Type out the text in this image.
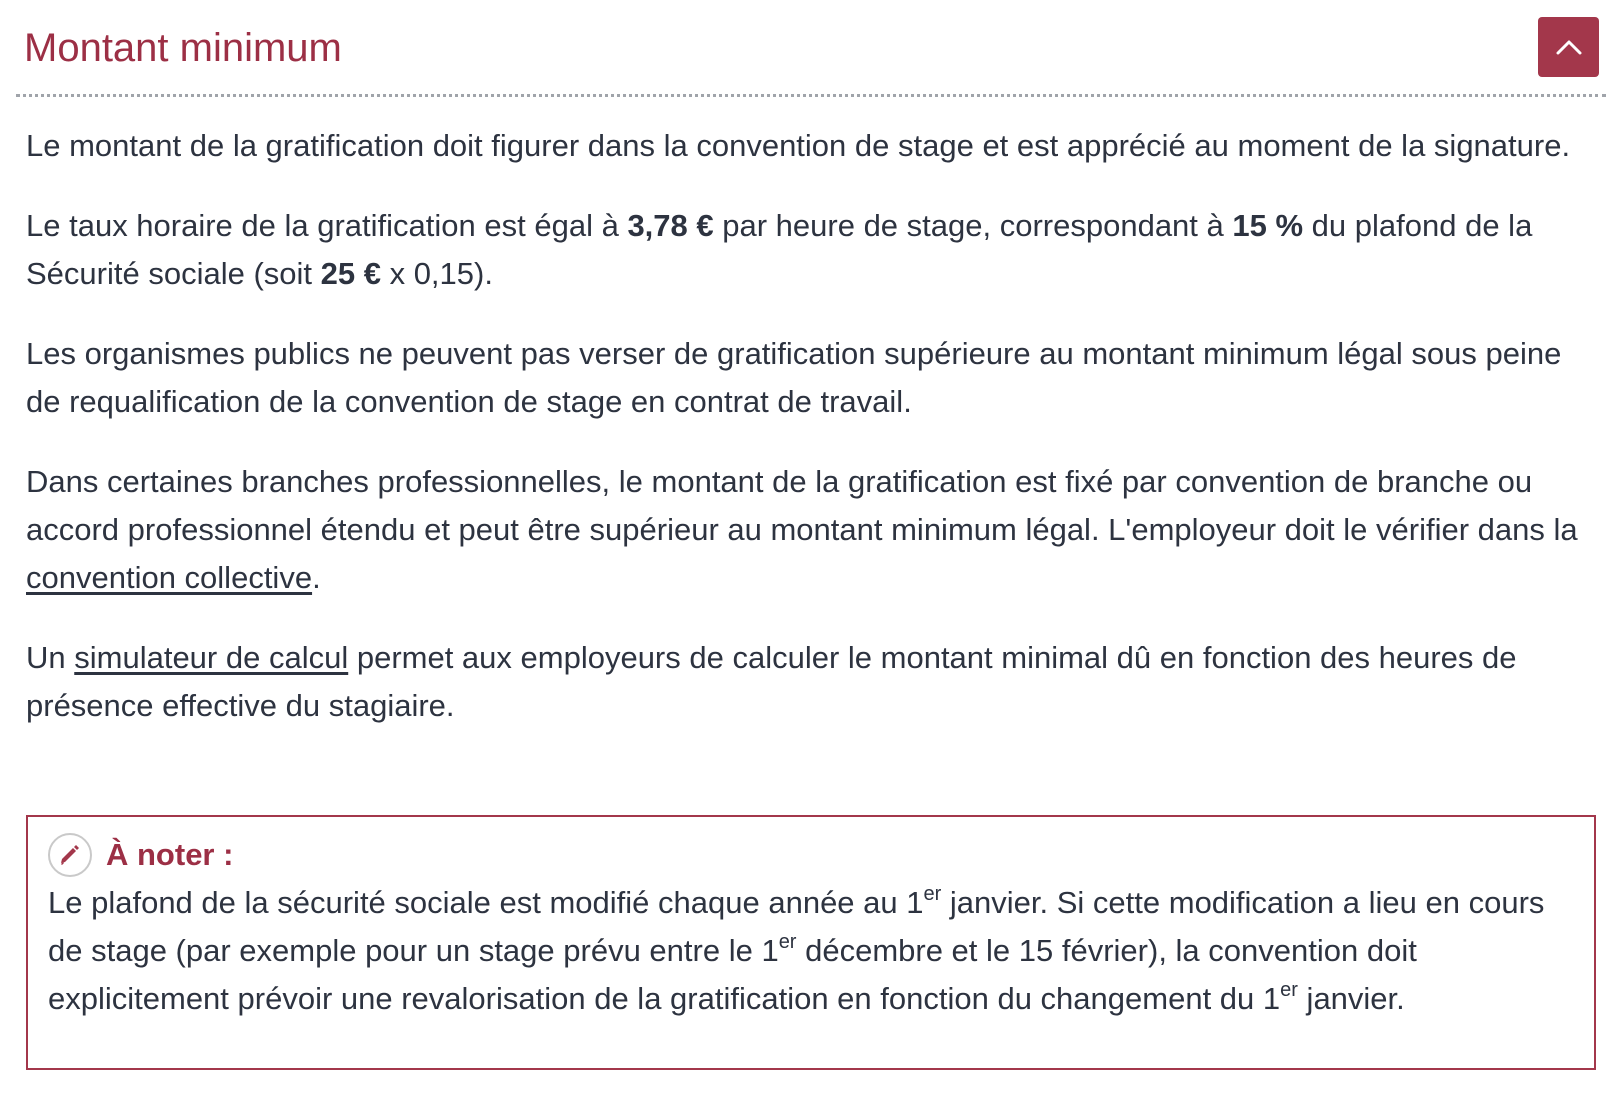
Montant minimum

Le montant de la gratification doit figurer dans la convention de stage et est apprécié au moment de la signature.

Le taux horaire de la gratification est égal à 3,78 € par heure de stage, correspondant à 15 % du plafond de la Sécurité sociale (soit 25 € x 0,15).

Les organismes publics ne peuvent pas verser de gratification supérieure au montant minimum légal sous peine de requalification de la convention de stage en contrat de travail.

Dans certaines branches professionnelles, le montant de la gratification est fixé par convention de branche ou accord professionnel étendu et peut être supérieur au montant minimum légal. L'employeur doit le vérifier dans la convention collective.

Un simulateur de calcul permet aux employeurs de calculer le montant minimal dû en fonction des heures de présence effective du stagiaire.

À noter :

Le plafond de la sécurité sociale est modifié chaque année au 1er janvier. Si cette modification a lieu en cours de stage (par exemple pour un stage prévu entre le 1er décembre et le 15 février), la convention doit explicitement prévoir une revalorisation de la gratification en fonction du changement du 1er janvier.
